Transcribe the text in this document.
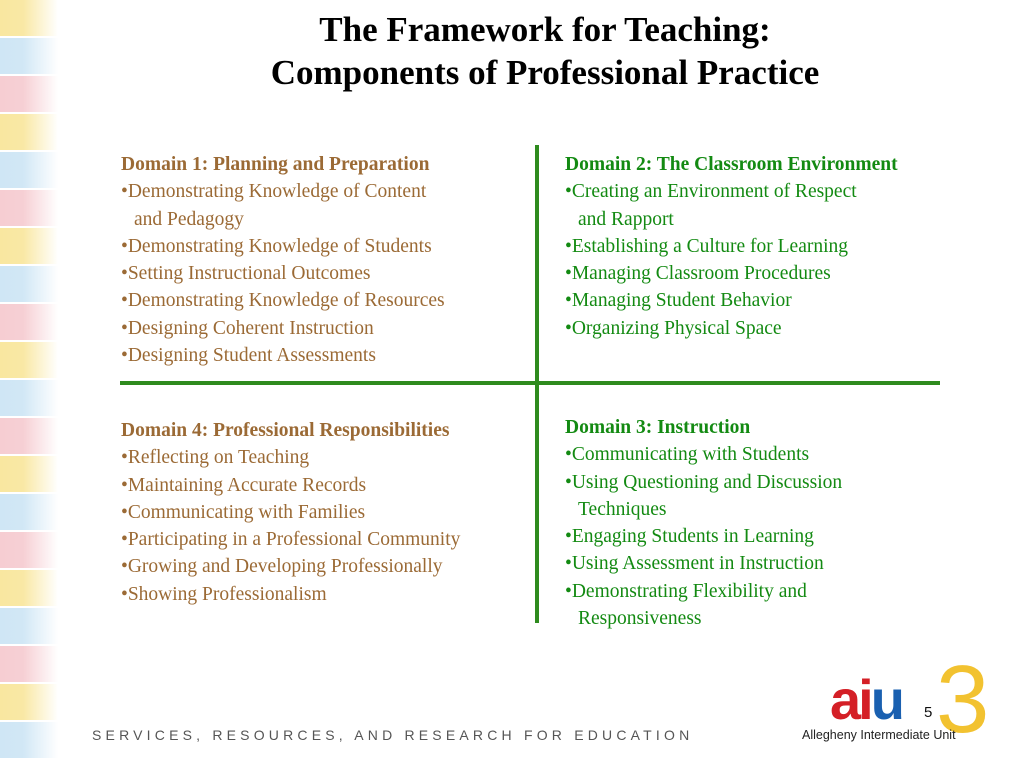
The Framework for Teaching:
Components of Professional Practice
Domain 1: Planning and Preparation
•Demonstrating Knowledge of Content
and Pedagogy
•Demonstrating Knowledge of Students
•Setting Instructional Outcomes
•Demonstrating Knowledge of Resources
•Designing Coherent Instruction
•Designing Student Assessments
Domain 2: The Classroom Environment
•Creating an Environment of Respect
and Rapport
•Establishing a Culture for Learning
•Managing Classroom Procedures
•Managing Student Behavior
•Organizing Physical Space
Domain 4: Professional Responsibilities
•Reflecting on Teaching
•Maintaining Accurate Records
•Communicating with Families
•Participating in a Professional Community
•Growing and Developing Professionally
•Showing Professionalism
Domain 3: Instruction
•Communicating with Students
•Using Questioning and Discussion
Techniques
•Engaging Students in Learning
•Using Assessment in Instruction
•Demonstrating Flexibility and
Responsiveness
SERVICES, RESOURCES, AND RESEARCH FOR EDUCATION	3
aiu 5
Allegheny Intermediate Unit
